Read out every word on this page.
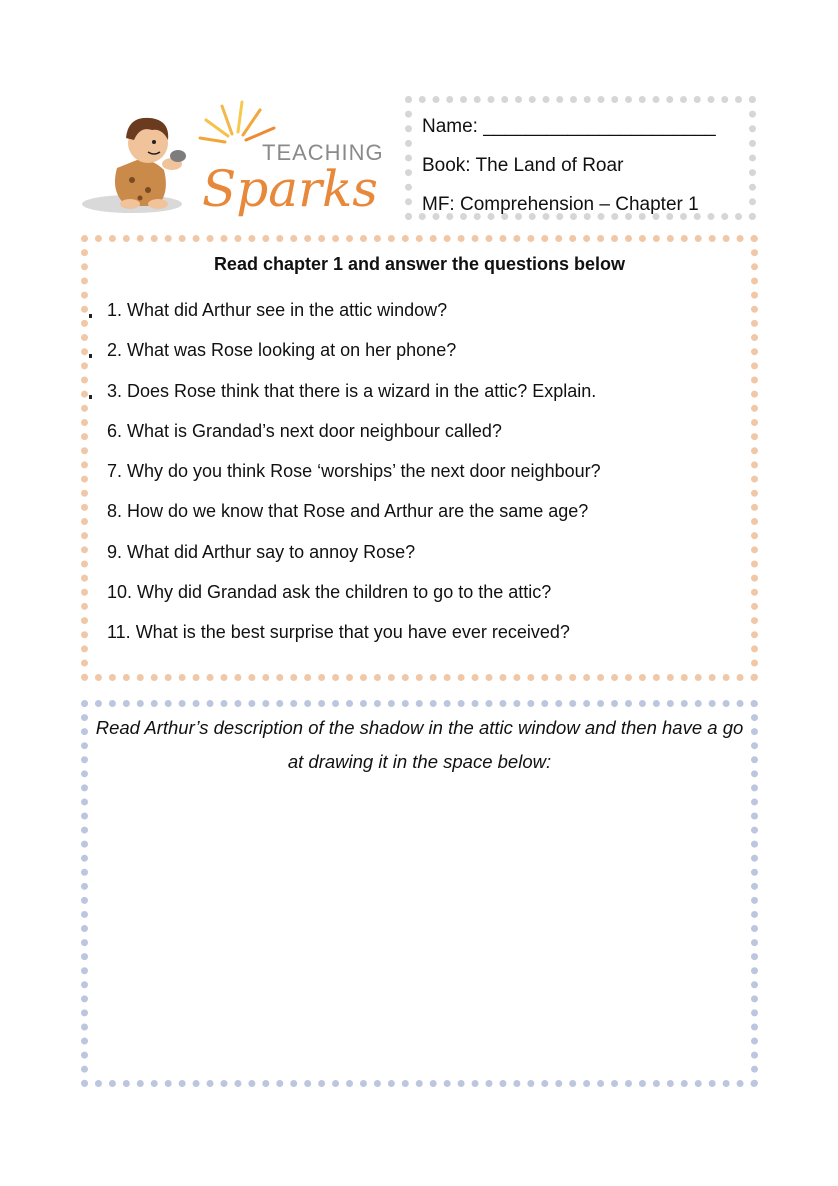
TEACHING
Sparks
Name: ______________________
Book: The Land of Roar
MF: Comprehension – Chapter 1
Read chapter 1 and answer the questions below
1. What did Arthur see in the attic window?
2. What was Rose looking at on her phone?
3. Does Rose think that there is a wizard in the attic? Explain.
6. What is Grandad’s next door neighbour called?
7. Why do you think Rose ‘worships’ the next door neighbour?
8. How do we know that Rose and Arthur are the same age?
9. What did Arthur say to annoy Rose?
10. Why did Grandad ask the children to go to the attic?
11. What is the best surprise that you have ever received?
Read Arthur’s description of the shadow in the attic window and then have a go at drawing it in the space below:
